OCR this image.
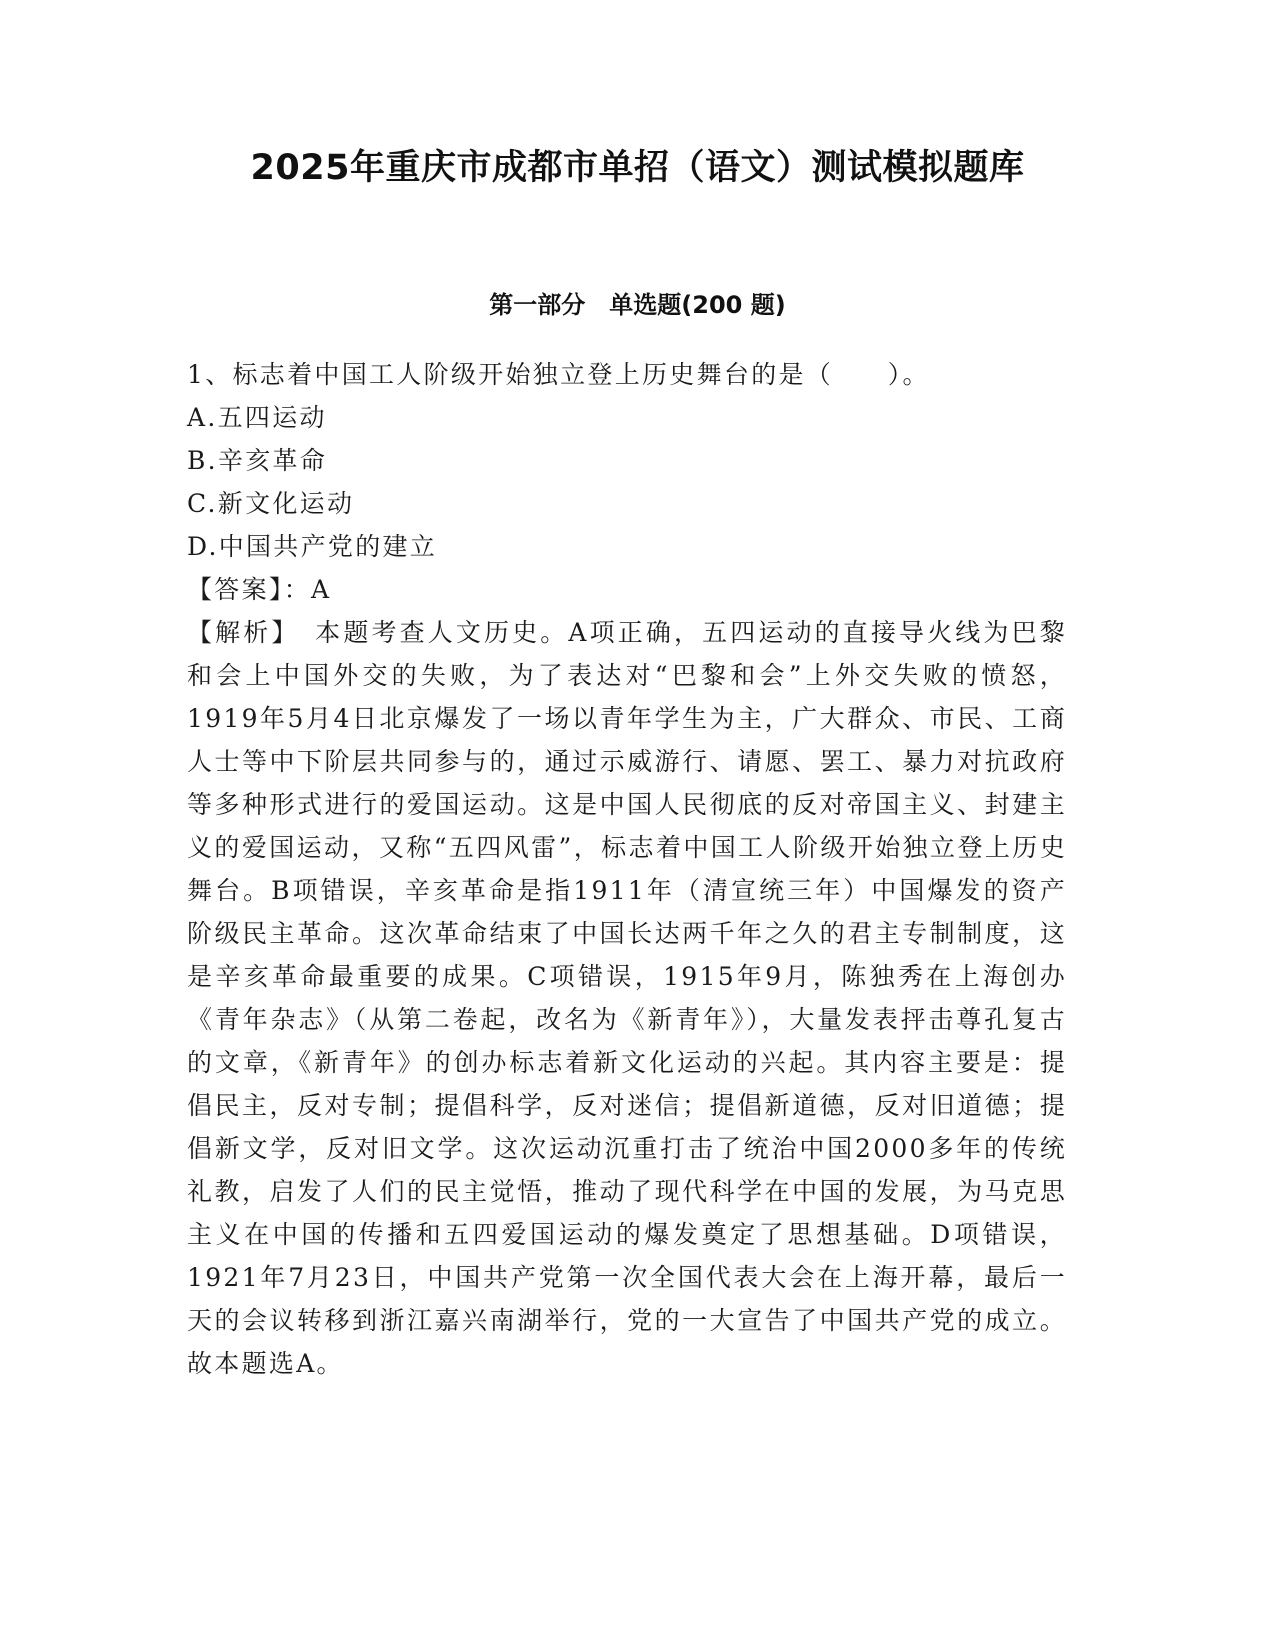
2025年重庆市成都市单招（语文）测试模拟题库
第一部分　单选题(200 题)
1、标志着中国工人阶级开始独立登上历史舞台的是（　　）。
A.五四运动
B.辛亥革命
C.新文化运动
D.中国共产党的建立
【答案】：A
【解析】　本题考查人文历史。A项正确，五四运动的直接导火线为巴黎和会上中国外交的失败，为了表达对“巴黎和会”上外交失败的愤怒，1919年5月4日北京爆发了一场以青年学生为主，广大群众、市民、工商人士等中下阶层共同参与的，通过示威游行、请愿、罢工、暴力对抗政府等多种形式进行的爱国运动。这是中国人民彻底的反对帝国主义、封建主义的爱国运动，又称“五四风雷”，标志着中国工人阶级开始独立登上历史舞台。B项错误，辛亥革命是指1911年（清宣统三年）中国爆发的资产阶级民主革命。这次革命结束了中国长达两千年之久的君主专制制度，这是辛亥革命最重要的成果。C项错误，1915年9月，陈独秀在上海创办《青年杂志》（从第二卷起，改名为《新青年》），大量发表抨击尊孔复古的文章，《新青年》的创办标志着新文化运动的兴起。其内容主要是：提倡民主，反对专制；提倡科学，反对迷信；提倡新道德，反对旧道德；提倡新文学，反对旧文学。这次运动沉重打击了统治中国2000多年的传统礼教，启发了人们的民主觉悟，推动了现代科学在中国的发展，为马克思主义在中国的传播和五四爱国运动的爆发奠定了思想基础。D项错误，1921年7月23日，中国共产党第一次全国代表大会在上海开幕，最后一天的会议转移到浙江嘉兴南湖举行，党的一大宣告了中国共产党的成立。故本题选A。
